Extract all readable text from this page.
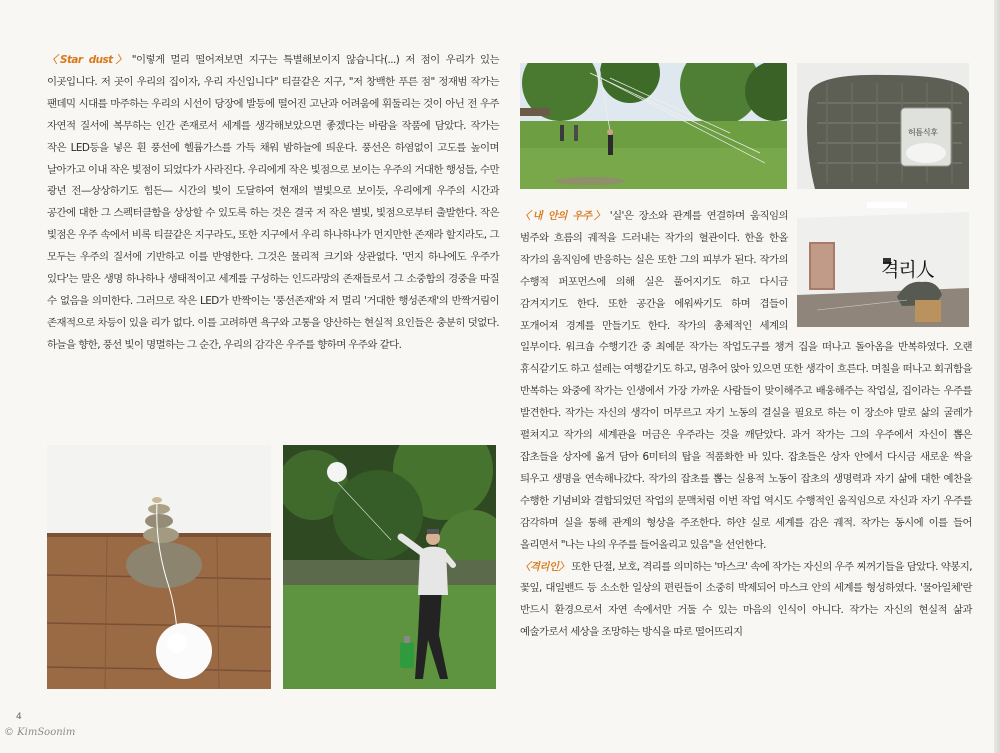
〈Star dust〉 "이렇게 멀리 떨어져보면 지구는 특별해보이지 않습니다(...) 저 점이 우리가 있는 이곳입니다. 저 곳이 우리의 집이자, 우리 자신입니다" 티끌같은 지구, "저 창백한 푸른 점" 정재범 작가는 팬데믹 시대를 마주하는 우리의 시선이 당장에 발등에 떨어진 고난과 어려움에 휘둘리는 것이 아닌 전 우주 자연적 질서에 복무하는 인간 존재로서 세계를 생각해보았으면 좋겠다는 바람을 작품에 담았다. 작가는 작은 LED등을 넣은 흰 풍선에 헬륨가스를 가득 채워 밤하늘에 띄운다. 풍선은 하염없이 고도를 높이며 날아가고 이내 작은 빛점이 되었다가 사라진다. 우리에게 작은 빛점으로 보이는 우주의 거대한 행성들, 수만 광년 전—상상하기도 힘든— 시간의 빛이 도달하여 현재의 별빛으로 보이듯, 우리에게 우주의 시간과 공간에 대한 그 스펙터클함을 상상할 수 있도록 하는 것은 결국 저 작은 별빛, 빛점으로부터 출발한다. 작은 빛점은 우주 속에서 비록 티끌같은 지구라도, 또한 지구에서 우리 하나하나가 먼지만한 존재라 할지라도, 그 모두는 우주의 질서에 기반하고 이를 반영한다. 그것은 물리적 크기와 상관없다. '먼지 하나에도 우주가 있다'는 말은 생명 하나하나 생태적이고 세계를 구성하는 인드라망의 존재들로서 그 소중함의 경중을 따질 수 없음을 의미한다. 그러므로 작은 LED가 반짝이는 '풍선존재'와 저 멀리 '거대한 행성존재'의 반짝거림이 존재적으로 차등이 있을 리가 없다. 이를 고려하면 욕구와 고통을 양산하는 현실적 요인들은 충분히 덧없다. 하늘을 향한, 풍선 빛이 명멸하는 그 순간, 우리의 감각은 우주를 향하며 우주와 같다.

허틈식후
격리人

〈내 안의 우주〉 '실'은 장소와 관계를 연결하며 움직임의 범주와 흐름의 궤적을 드러내는 작가의 혈관이다. 한올 한올 작가의 움직임에 반응하는 실은 또한 그의 피부가 된다. 작가의 수행적 퍼포먼스에 의해 실은 풀어지기도 하고 다시금 감겨지기도 한다. 또한 공간을 에워싸기도 하며 겹들이 포개어져 경계를 만들기도 한다. 작가의 총체적인 세계의 일부이다. 워크숍 수행기간 중 최예문 작가는 작업도구를 챙겨 집을 떠나고 돌아옴을 반복하였다. 오랜 휴식같기도 하고 설레는 여행같기도 하고, 멈추어 앉아 있으면 또한 생각이 흐른다. 며칠을 떠나고 회귀함을 반복하는 와중에 작가는 인생에서 가장 가까운 사람들이 맞이해주고 배웅해주는 작업실, 집이라는 우주를 발견한다. 작가는 자신의 생각이 머무르고 자기 노동의 결실을 필요로 하는 이 장소야 말로 삶의 굴레가 펼쳐지고 작가의 세계관을 머금은 우주라는 것을 깨닫았다. 과거 작가는 그의 우주에서 자신이 뽑은 잡초들을 상자에 옮겨 담아 6미터의 탑을 적품화한 바 있다. 잡초들은 상자 안에서 다시금 새로운 싹을 틔우고 생명을 연속해나갔다. 작가의 잡초를 뽑는 실용적 노동이 잡초의 생명력과 자기 삶에 대한 예찬을 수행한 기념비와 결합되었던 작업의 문맥처럼 이번 작업 역시도 수행적인 움직임으로 자신과 자기 우주를 감각하며 실을 통해 관계의 형상을 주조한다. 하얀 실로 세계를 감은 궤적. 작가는 동시에 이를 들어 올리면서 "나는 나의 우주를 들어올리고 있음"을 선언한다.

〈격리인〉 또한 단절, 보호, 격리를 의미하는 '마스크' 속에 작가는 자신의 우주 찌꺼기들을 담았다. 약봉지, 꽃잎, 대일밴드 등 소소한 일상의 편린들이 소중히 박제되어 마스크 안의 세계를 형성하였다. '물아일체'란 반드시 환경으로서 자연 속에서만 거둘 수 있는 마음의 인식이 아니다. 작가는 자신의 현실적 삶과 예술가로서 세상을 조망하는 방식을 따로 떨어뜨리지

4
© KimSoonim
